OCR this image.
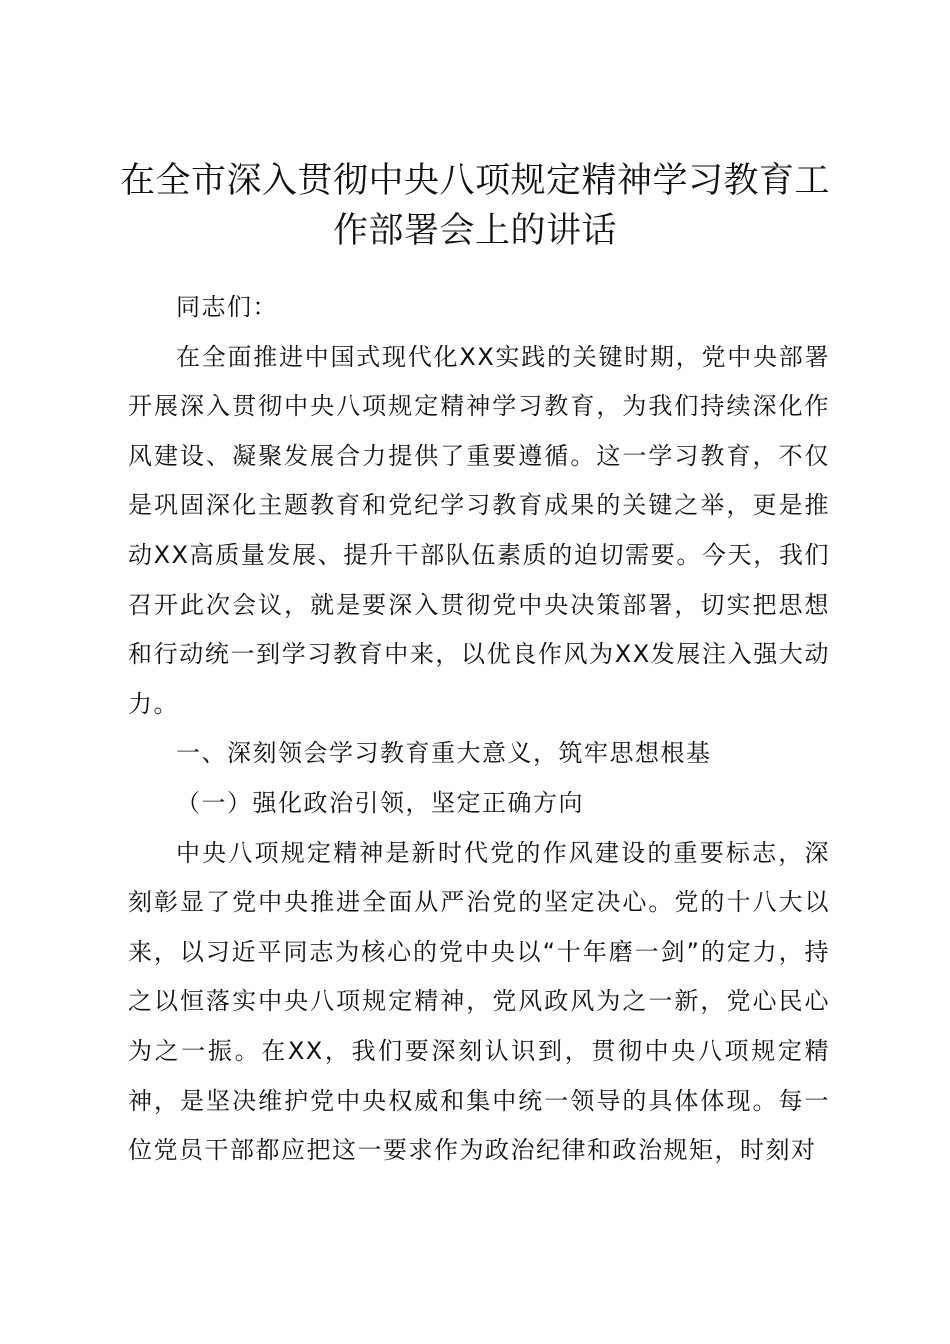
在全市深入贯彻中央八项规定精神学习教育工作部署会上的讲话

同志们：

在全面推进中国式现代化XX实践的关键时期，党中央部署开展深入贯彻中央八项规定精神学习教育，为我们持续深化作风建设、凝聚发展合力提供了重要遵循。这一学习教育，不仅是巩固深化主题教育和党纪学习教育成果的关键之举，更是推动XX高质量发展、提升干部队伍素质的迫切需要。今天，我们召开此次会议，就是要深入贯彻党中央决策部署，切实把思想和行动统一到学习教育中来，以优良作风为XX发展注入强大动力。

一、深刻领会学习教育重大意义，筑牢思想根基

（一）强化政治引领，坚定正确方向

中央八项规定精神是新时代党的作风建设的重要标志，深刻彰显了党中央推进全面从严治党的坚定决心。党的十八大以来，以习近平同志为核心的党中央以“十年磨一剑”的定力，持之以恒落实中央八项规定精神，党风政风为之一新，党心民心为之一振。在XX，我们要深刻认识到，贯彻中央八项规定精神，是坚决维护党中央权威和集中统一领导的具体体现。每一位党员干部都应把这一要求作为政治纪律和政治规矩，时刻对
